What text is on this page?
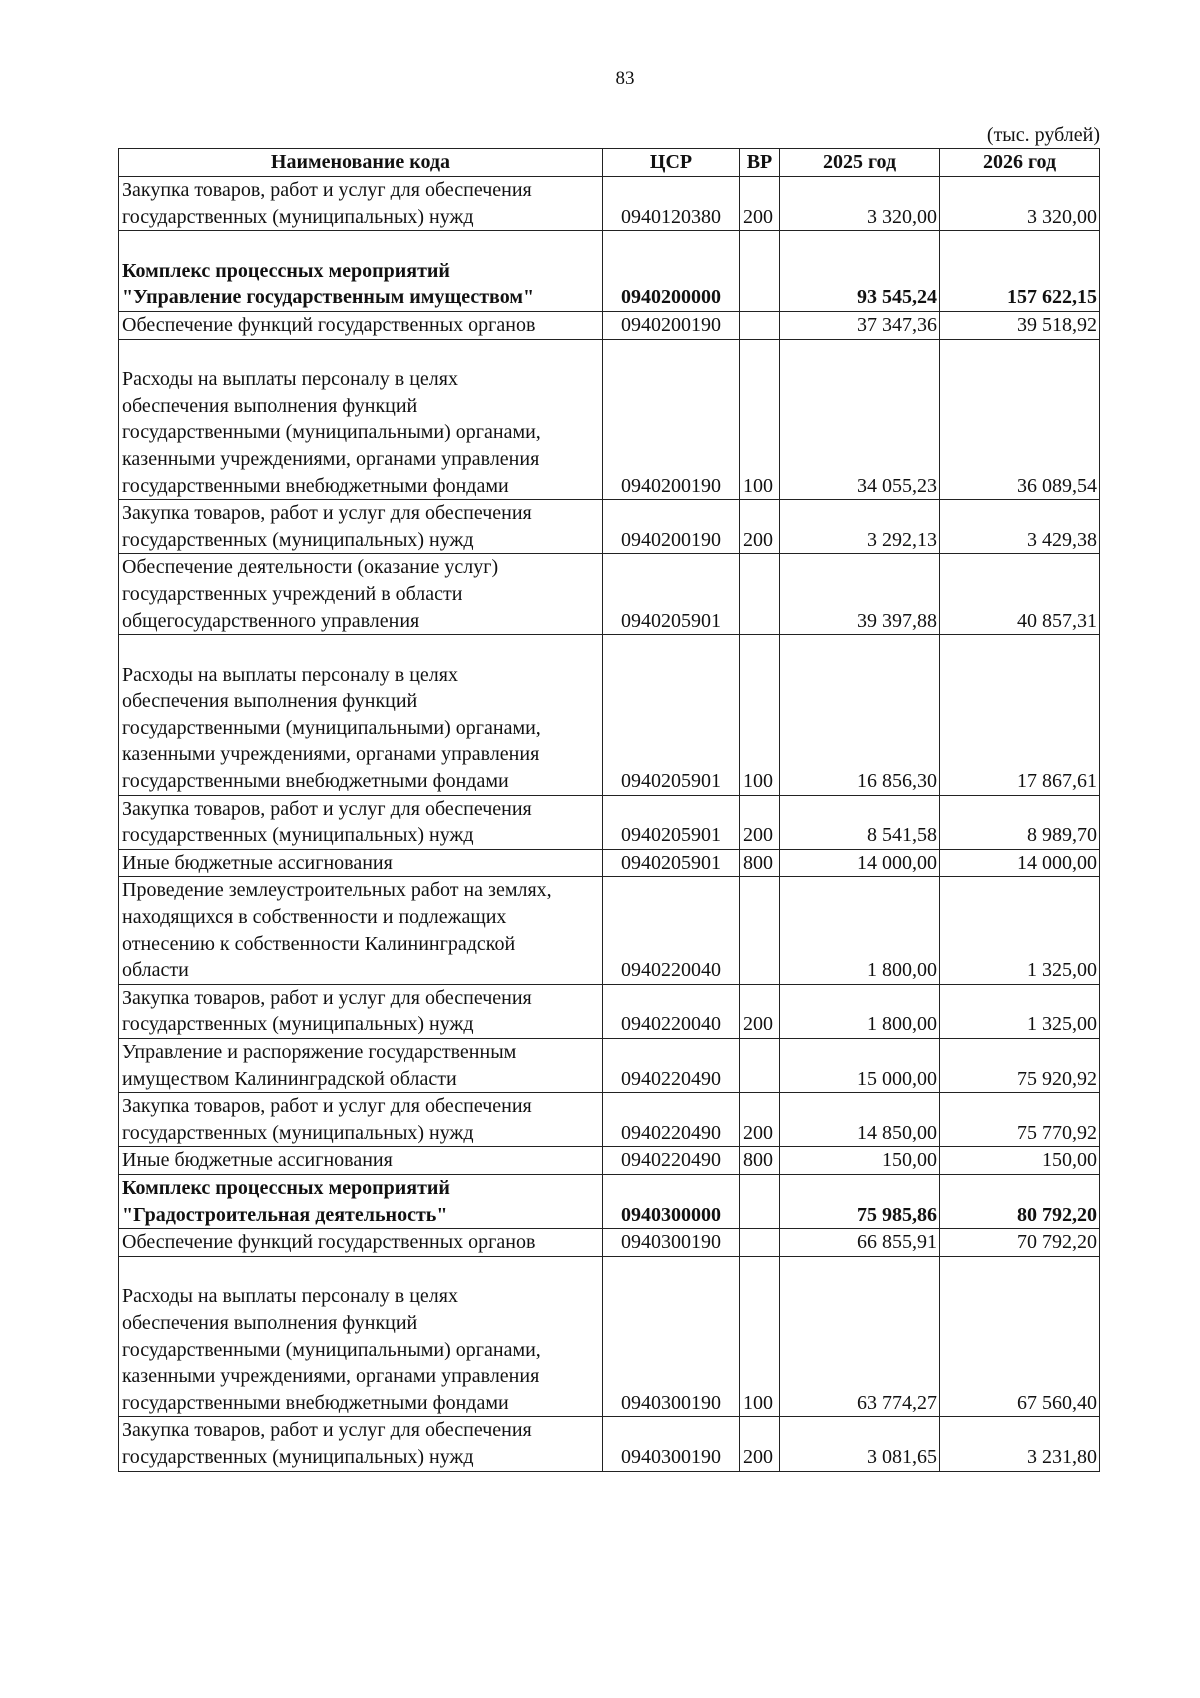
83
(тыс. рублей)
Наименование кода	ЦСР	ВР	2025 год	2026 год
Закупка товаров, работ и услуг для обеспечения
государственных (муниципальных) нужд	0940120380	200	3 320,00	3 320,00

Комплекс процессных мероприятий
"Управление государственным имуществом"	0940200000		93 545,24	157 622,15
Обеспечение функций государственных органов	0940200190		37 347,36	39 518,92

Расходы на выплаты персоналу в целях
обеспечения выполнения функций
государственными (муниципальными) органами,
казенными учреждениями, органами управления
государственными внебюджетными фондами	0940200190	100	34 055,23	36 089,54
Закупка товаров, работ и услуг для обеспечения
государственных (муниципальных) нужд	0940200190	200	3 292,13	3 429,38
Обеспечение деятельности (оказание услуг)
государственных учреждений в области
общегосударственного управления	0940205901		39 397,88	40 857,31

Расходы на выплаты персоналу в целях
обеспечения выполнения функций
государственными (муниципальными) органами,
казенными учреждениями, органами управления
государственными внебюджетными фондами	0940205901	100	16 856,30	17 867,61
Закупка товаров, работ и услуг для обеспечения
государственных (муниципальных) нужд	0940205901	200	8 541,58	8 989,70
Иные бюджетные ассигнования	0940205901	800	14 000,00	14 000,00
Проведение землеустроительных работ на землях,
находящихся в собственности и подлежащих
отнесению к собственности Калининградской
области	0940220040		1 800,00	1 325,00
Закупка товаров, работ и услуг для обеспечения
государственных (муниципальных) нужд	0940220040	200	1 800,00	1 325,00
Управление и распоряжение государственным
имуществом Калининградской области	0940220490		15 000,00	75 920,92
Закупка товаров, работ и услуг для обеспечения
государственных (муниципальных) нужд	0940220490	200	14 850,00	75 770,92
Иные бюджетные ассигнования	0940220490	800	150,00	150,00
Комплекс процессных мероприятий
"Градостроительная деятельность"	0940300000		75 985,86	80 792,20
Обеспечение функций государственных органов	0940300190		66 855,91	70 792,20

Расходы на выплаты персоналу в целях
обеспечения выполнения функций
государственными (муниципальными) органами,
казенными учреждениями, органами управления
государственными внебюджетными фондами	0940300190	100	63 774,27	67 560,40
Закупка товаров, работ и услуг для обеспечения
государственных (муниципальных) нужд	0940300190	200	3 081,65	3 231,80
